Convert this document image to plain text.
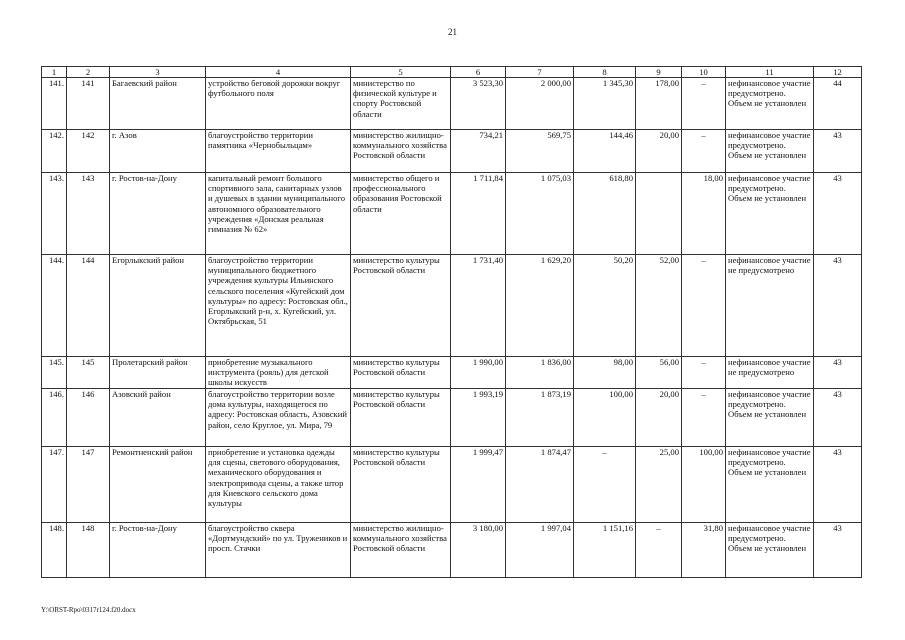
21
1	2	3	4	5	6	7	8	9	10	11	12
141.	141	Багаевский район	устройство беговой дорожки вокруг футбольного поля	министерство по физической культуре и спорту Ростовской области	3 523,30	2 000,00	1 345,30	178,00	–	нефинансовое участие предусмотрено. Объем не установлен	44
142.	142	г. Азов	благоустройство территории памятника «Чернобыльцам»	министерство жилищно-коммунального хозяйства Ростовской области	734,21	569,75	144,46	20,00	–	нефинансовое участие предусмотрено. Объем не установлен	43
143.	143	г. Ростов-на-Дону	капитальный ремонт большого спортивного зала, санитарных узлов и душевых в здании муниципального автономного образовательного учреждения «Донская реальная гимназия № 62»	министерство общего и профессионального образования Ростовской области	1 711,84	1 075,03	618,80		18,00	нефинансовое участие предусмотрено. Объем не установлен	43
144.	144	Егорлыкский район	благоустройство территории муниципального бюджетного учреждения культуры Ильинского сельского поселения «Кугейский дом культуры» по адресу: Ростовская обл., Егорлыкский р-н, х. Кугейский, ул. Октябрьская, 51	министерство культуры Ростовской области	1 731,40	1 629,20	50,20	52,00	–	нефинансовое участие не предусмотрено	43
145.	145	Пролетарский район	приобретение музыкального инструмента (рояль) для детской школы искусств	министерство культуры Ростовской области	1 990,00	1 836,00	98,00	56,00	–	нефинансовое участие не предусмотрено	43
146.	146	Азовский район	благоустройство территории возле дома культуры, находящегося по адресу: Ростовская область, Азовский район, село Круглое, ул. Мира, 79	министерство культуры Ростовской области	1 993,19	1 873,19	100,00	20,00	–	нефинансовое участие предусмотрено. Объем не установлен	43
147.	147	Ремонтненский район	приобретение и установка одежды для сцены, светового оборудования, механического оборудования и электропривода сцены, а также штор для Киевского сельского дома культуры	министерство культуры Ростовской области	1 999,47	1 874,47	–	25,00	100,00	нефинансовое участие предусмотрено. Объем не установлен	43
148.	148	г. Ростов-на-Дону	благоустройство сквера «Дортмундский» по ул. Тружеников и просп. Стачки	министерство жилищно-коммунального хозяйства Ростовской области	3 180,00	1 997,04	1 151,16	–	31,80	нефинансовое участие предусмотрено. Объем не установлен	43
Y:\ORST-Rpo\0317r124.f20.docx
